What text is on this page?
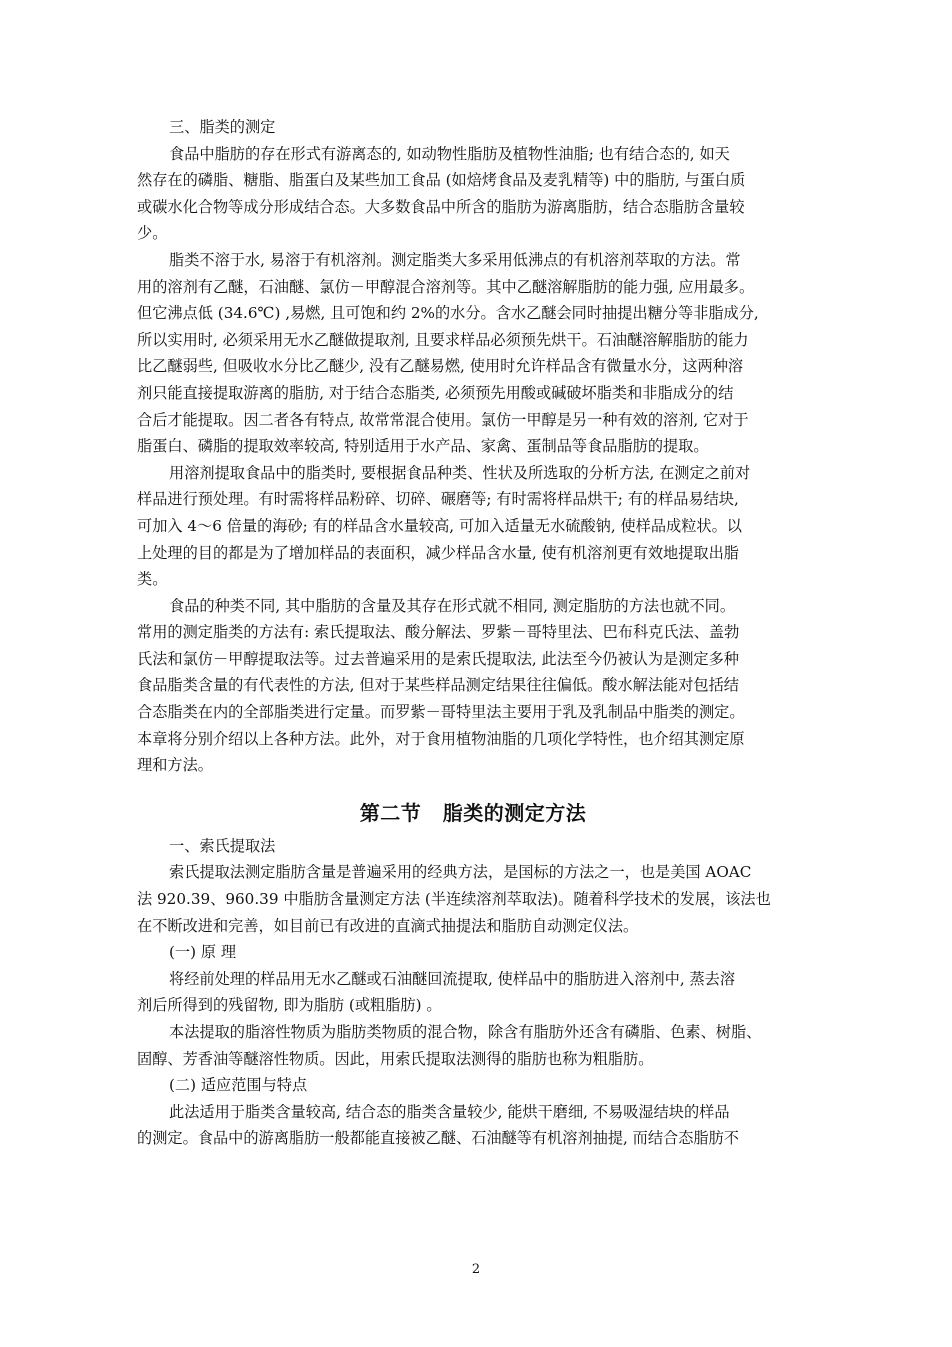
三、脂类的测定
食品中脂肪的存在形式有游离态的, 如动物性脂肪及植物性油脂; 也有结合态的, 如天
然存在的磷脂、糖脂、脂蛋白及某些加工食品 (如焙烤食品及麦乳精等) 中的脂肪, 与蛋白质
或碳水化合物等成分形成结合态。大多数食品中所含的脂肪为游离脂肪，结合态脂肪含量较
少。
脂类不溶于水, 易溶于有机溶剂。测定脂类大多采用低沸点的有机溶剂萃取的方法。常
用的溶剂有乙醚，石油醚、氯仿－甲醇混合溶剂等。其中乙醚溶解脂肪的能力强, 应用最多。
但它沸点低 (34.6℃) ,易燃, 且可饱和约 2%的水分。含水乙醚会同时抽提出糖分等非脂成分,
所以实用时, 必须采用无水乙醚做提取剂, 且要求样品必须预先烘干。石油醚溶解脂肪的能力
比乙醚弱些, 但吸收水分比乙醚少, 没有乙醚易燃, 使用时允许样品含有微量水分，这两种溶
剂只能直接提取游离的脂肪, 对于结合态脂类, 必须预先用酸或碱破坏脂类和非脂成分的结
合后才能提取。因二者各有特点, 故常常混合使用。氯仿一甲醇是另一种有效的溶剂, 它对于
脂蛋白、磷脂的提取效率较高, 特别适用于水产品、家禽、蛋制品等食品脂肪的提取。
用溶剂提取食品中的脂类时, 要根据食品种类、性状及所选取的分析方法, 在测定之前对
样品进行预处理。有时需将样品粉碎、切碎、碾磨等; 有时需将样品烘干; 有的样品易结块,
可加入 4～6 倍量的海砂; 有的样品含水量较高, 可加入适量无水硫酸钠, 使样品成粒状。以
上处理的目的都是为了增加样品的表面积，减少样品含水量, 使有机溶剂更有效地提取出脂
类。
食品的种类不同, 其中脂肪的含量及其存在形式就不相同, 测定脂肪的方法也就不同。
常用的测定脂类的方法有: 索氏提取法、酸分解法、罗紫－哥特里法、巴布科克氏法、盖勃
氏法和氯仿－甲醇提取法等。过去普遍采用的是索氏提取法, 此法至今仍被认为是测定多种
食品脂类含量的有代表性的方法, 但对于某些样品测定结果往往偏低。酸水解法能对包括结
合态脂类在内的全部脂类进行定量。而罗紫－哥特里法主要用于乳及乳制品中脂类的测定。
本章将分别介绍以上各种方法。此外，对于食用植物油脂的几项化学特性，也介绍其测定原
理和方法。
第二节 脂类的测定方法
一、索氏提取法
索氏提取法测定脂肪含量是普遍采用的经典方法，是国标的方法之一，也是美国 AOAC
法 920.39、960.39 中脂肪含量测定方法 (半连续溶剂萃取法)。随着科学技术的发展，该法也
在不断改进和完善，如目前已有改进的直滴式抽提法和脂肪自动测定仪法。
(一) 原 理
将经前处理的样品用无水乙醚或石油醚回流提取, 使样品中的脂肪进入溶剂中, 蒸去溶
剂后所得到的残留物, 即为脂肪 (或粗脂肪) 。
本法提取的脂溶性物质为脂肪类物质的混合物，除含有脂肪外还含有磷脂、色素、树脂、
固醇、芳香油等醚溶性物质。因此，用索氏提取法测得的脂肪也称为粗脂肪。
(二) 适应范围与特点
此法适用于脂类含量较高, 结合态的脂类含量较少, 能烘干磨细, 不易吸湿结块的样品
的测定。食品中的游离脂肪一般都能直接被乙醚、石油醚等有机溶剂抽提, 而结合态脂肪不
2
